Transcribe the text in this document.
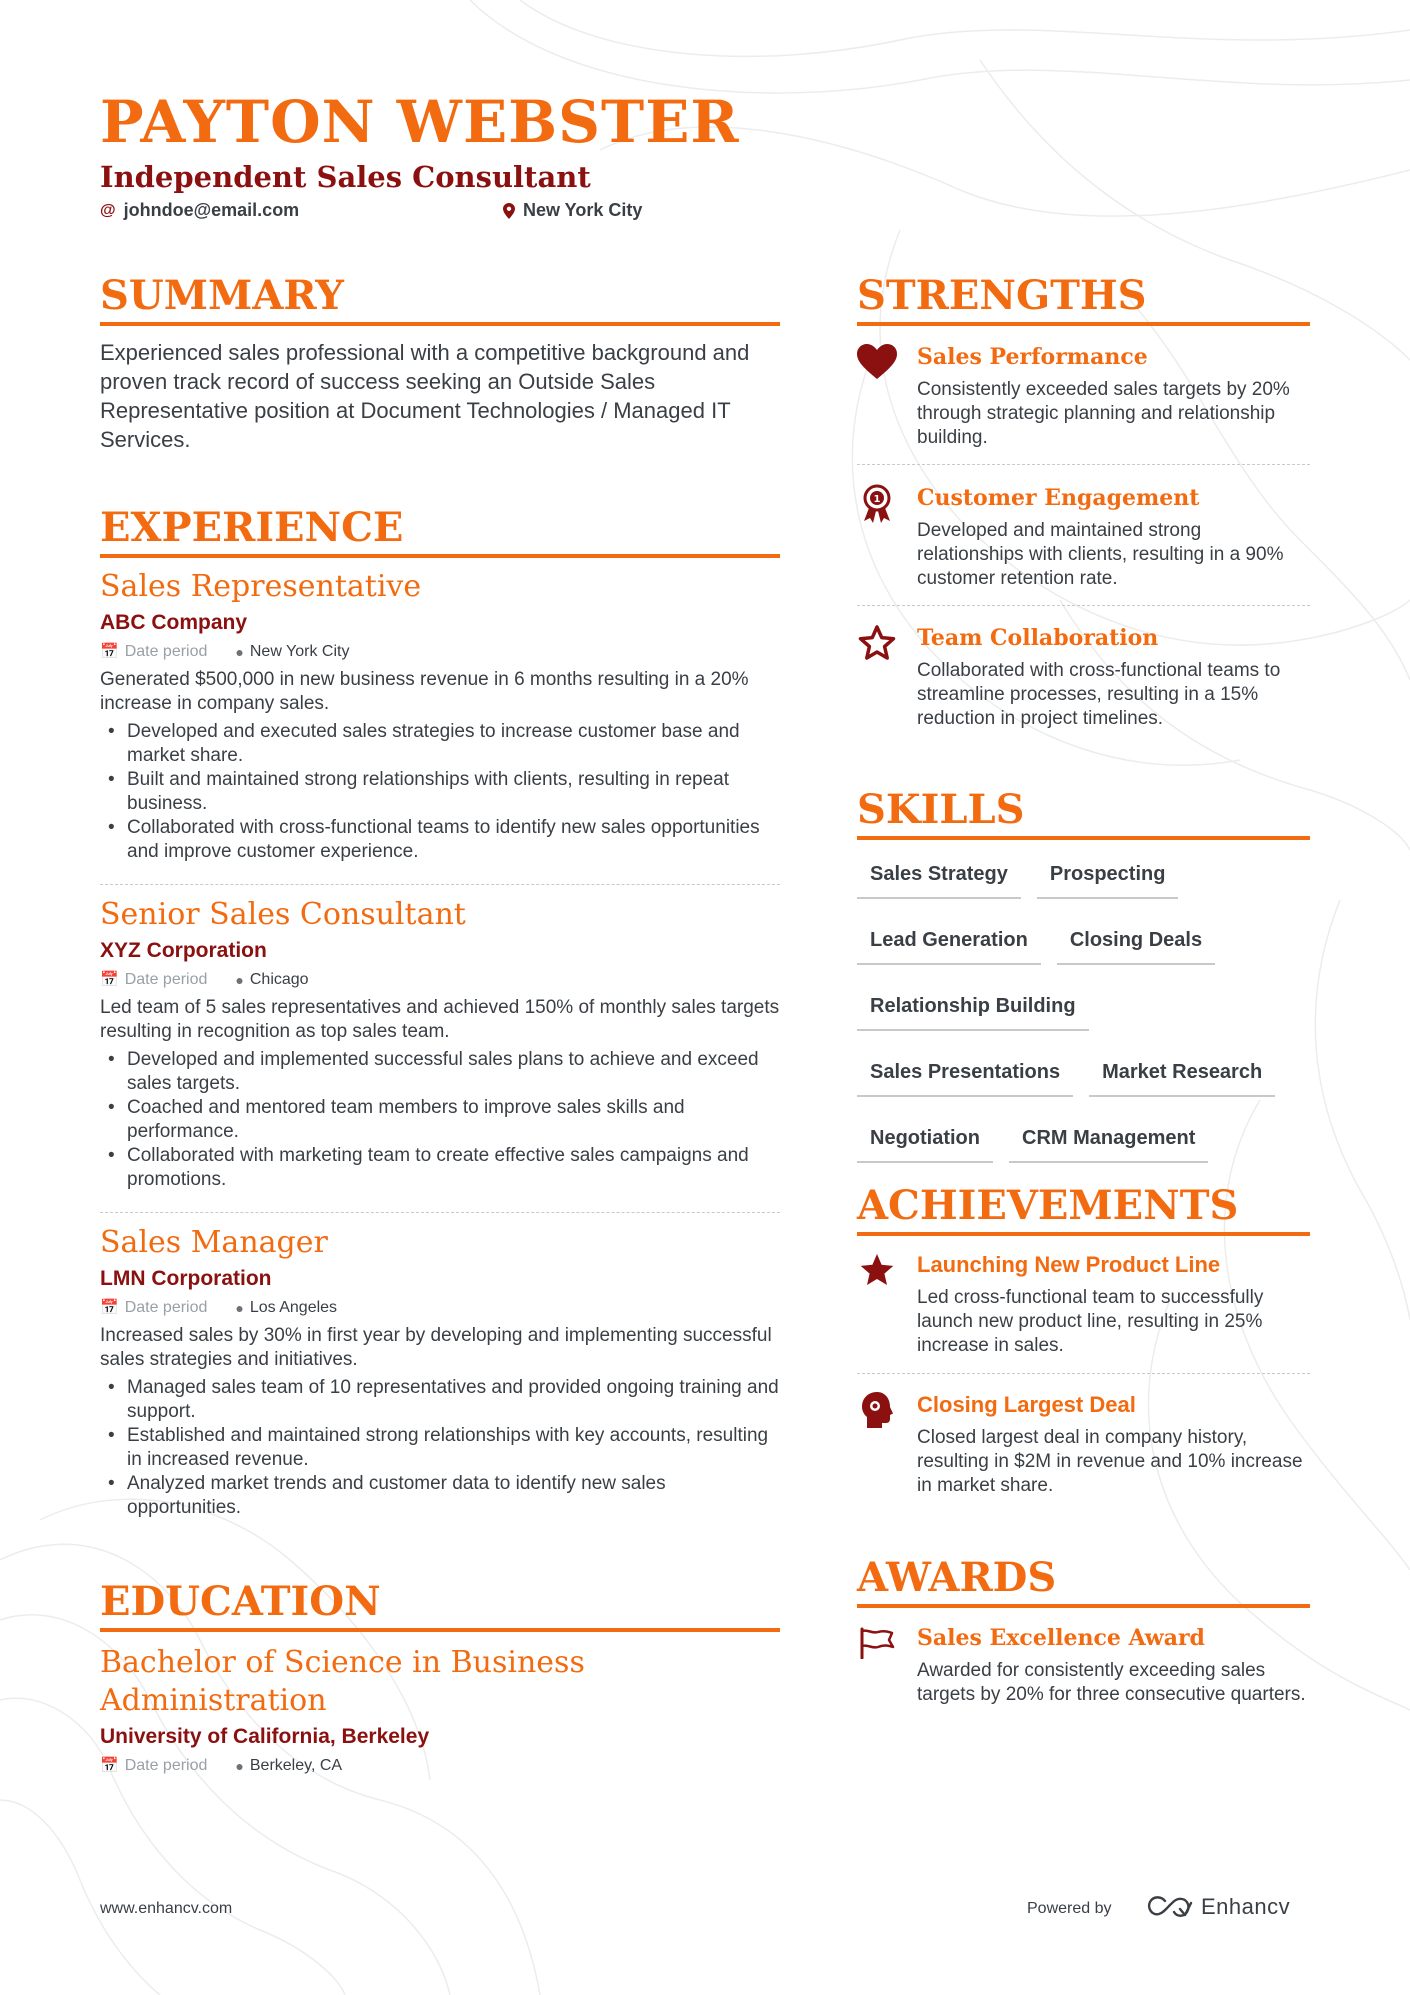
PAYTON WEBSTER
Independent Sales Consultant
@ johndoe@email.com	New York City
SUMMARY
Experienced sales professional with a competitive background and proven track record of success seeking an Outside Sales Representative position at Document Technologies / Managed IT Services.
EXPERIENCE
Sales Representative
ABC Company
📅 Date period ● New York City
Generated $500,000 in new business revenue in 6 months resulting in a 20% increase in company sales.
• Developed and executed sales strategies to increase customer base and market share.
• Built and maintained strong relationships with clients, resulting in repeat business.
• Collaborated with cross-functional teams to identify new sales opportunities and improve customer experience.
Senior Sales Consultant
XYZ Corporation
📅 Date period ● Chicago
Led team of 5 sales representatives and achieved 150% of monthly sales targets resulting in recognition as top sales team.
• Developed and implemented successful sales plans to achieve and exceed sales targets.
• Coached and mentored team members to improve sales skills and performance.
• Collaborated with marketing team to create effective sales campaigns and promotions.
Sales Manager
LMN Corporation
📅 Date period ● Los Angeles
Increased sales by 30% in first year by developing and implementing successful sales strategies and initiatives.
• Managed sales team of 10 representatives and provided ongoing training and support.
• Established and maintained strong relationships with key accounts, resulting in increased revenue.
• Analyzed market trends and customer data to identify new sales opportunities.
EDUCATION
Bachelor of Science in Business Administration
University of California, Berkeley
📅 Date period ● Berkeley, CA
STRENGTHS
Sales Performance
Consistently exceeded sales targets by 20% through strategic planning and relationship building.
1 Customer Engagement
Developed and maintained strong relationships with clients, resulting in a 90% customer retention rate.
Team Collaboration
Collaborated with cross-functional teams to streamline processes, resulting in a 15% reduction in project timelines.
SKILLS
Sales Strategy	Prospecting
Lead Generation	Closing Deals
Relationship Building
Sales Presentations	Market Research
Negotiation	CRM Management
ACHIEVEMENTS
Launching New Product Line
Led cross-functional team to successfully launch new product line, resulting in 25% increase in sales.
Closing Largest Deal
Closed largest deal in company history, resulting in $2M in revenue and 10% increase in market share.
AWARDS
Sales Excellence Award
Awarded for consistently exceeding sales targets by 20% for three consecutive quarters.
www.enhancv.com	Powered by	Enhancv
